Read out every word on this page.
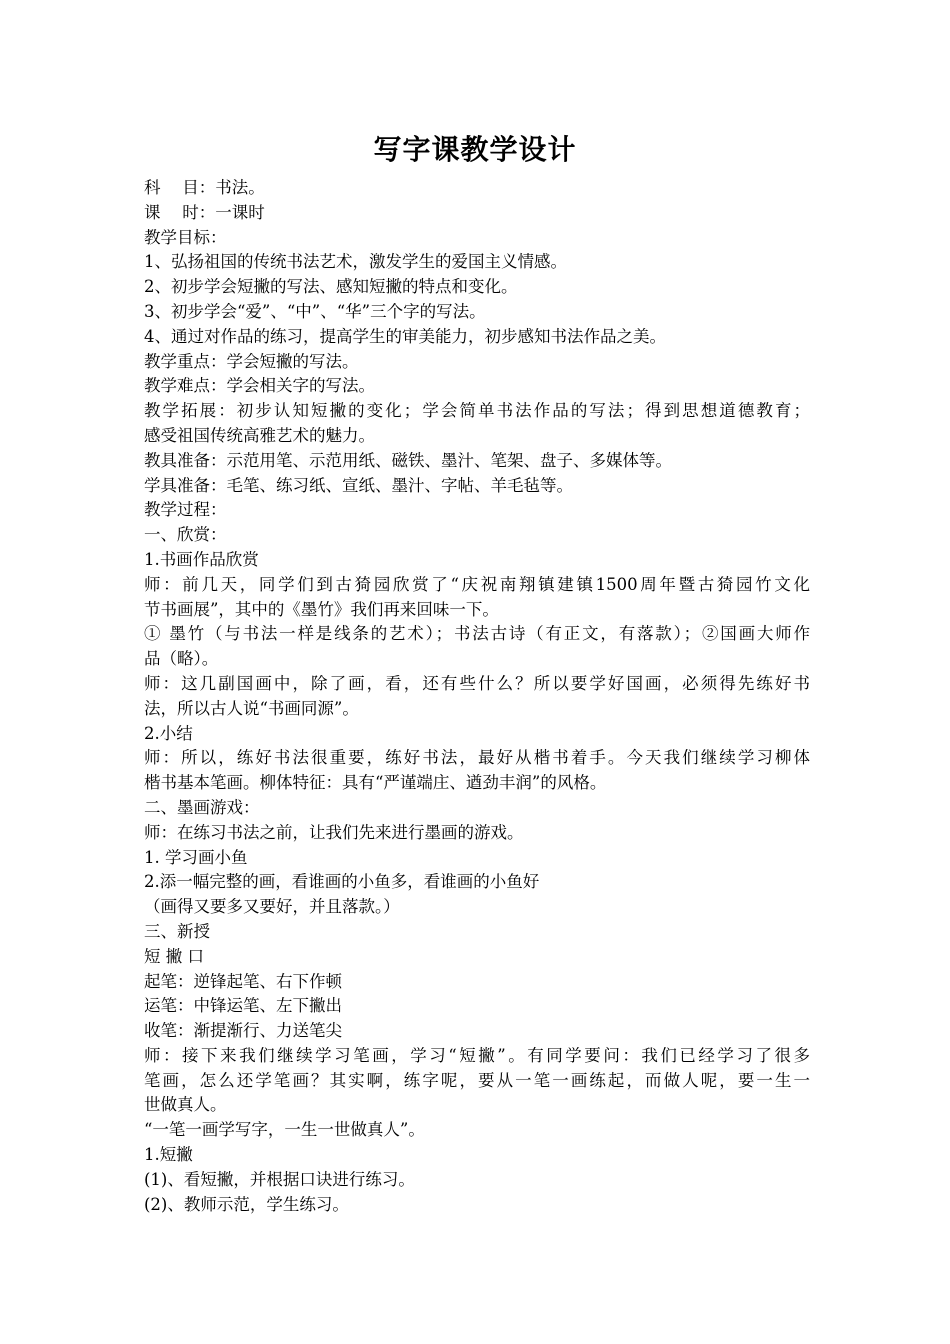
写字课教学设计
科　 目：书法。
课　 时：一课时
教学目标：
1、弘扬祖国的传统书法艺术，激发学生的爱国主义情感。
2、初步学会短撇的写法、感知短撇的特点和变化。
3、初步学会“爱”、“中”、“华”三个字的写法。
4、通过对作品的练习，提高学生的审美能力，初步感知书法作品之美。
教学重点：学会短撇的写法。
教学难点：学会相关字的写法。
教学拓展：初步认知短撇的变化；学会简单书法作品的写法；得到思想道德教育；
感受祖国传统高雅艺术的魅力。
教具准备：示范用笔、示范用纸、磁铁、墨汁、笔架、盘子、多媒体等。
学具准备：毛笔、练习纸、宣纸、墨汁、字帖、羊毛毡等。
教学过程：
一、欣赏：
1.书画作品欣赏
师：前几天，同学们到古猗园欣赏了“庆祝南翔镇建镇1500周年暨古猗园竹文化
节书画展”，其中的《墨竹》我们再来回味一下。
① 墨竹（与书法一样是线条的艺术）；书法古诗（有正文，有落款）；②国画大师作
品（略）。
师：这几副国画中，除了画，看，还有些什么？所以要学好国画，必须得先练好书
法，所以古人说“书画同源”。
2.小结
师：所以，练好书法很重要，练好书法，最好从楷书着手。今天我们继续学习柳体
楷书基本笔画。柳体特征：具有“严谨端庄、遒劲丰润”的风格。
二、墨画游戏：
师：在练习书法之前，让我们先来进行墨画的游戏。
1. 学习画小鱼
2.添一幅完整的画，看谁画的小鱼多，看谁画的小鱼好
（画得又要多又要好，并且落款。）
三、新授
短 撇 口
起笔：逆锋起笔、右下作顿
运笔：中锋运笔、左下撇出
收笔：渐提渐行、力送笔尖
师：接下来我们继续学习笔画，学习“短撇”。有同学要问：我们已经学习了很多
笔画，怎么还学笔画？其实啊，练字呢，要从一笔一画练起，而做人呢，要一生一
世做真人。
“一笔一画学写字，一生一世做真人”。
1.短撇
(1)、看短撇，并根据口诀进行练习。
(2)、教师示范，学生练习。
